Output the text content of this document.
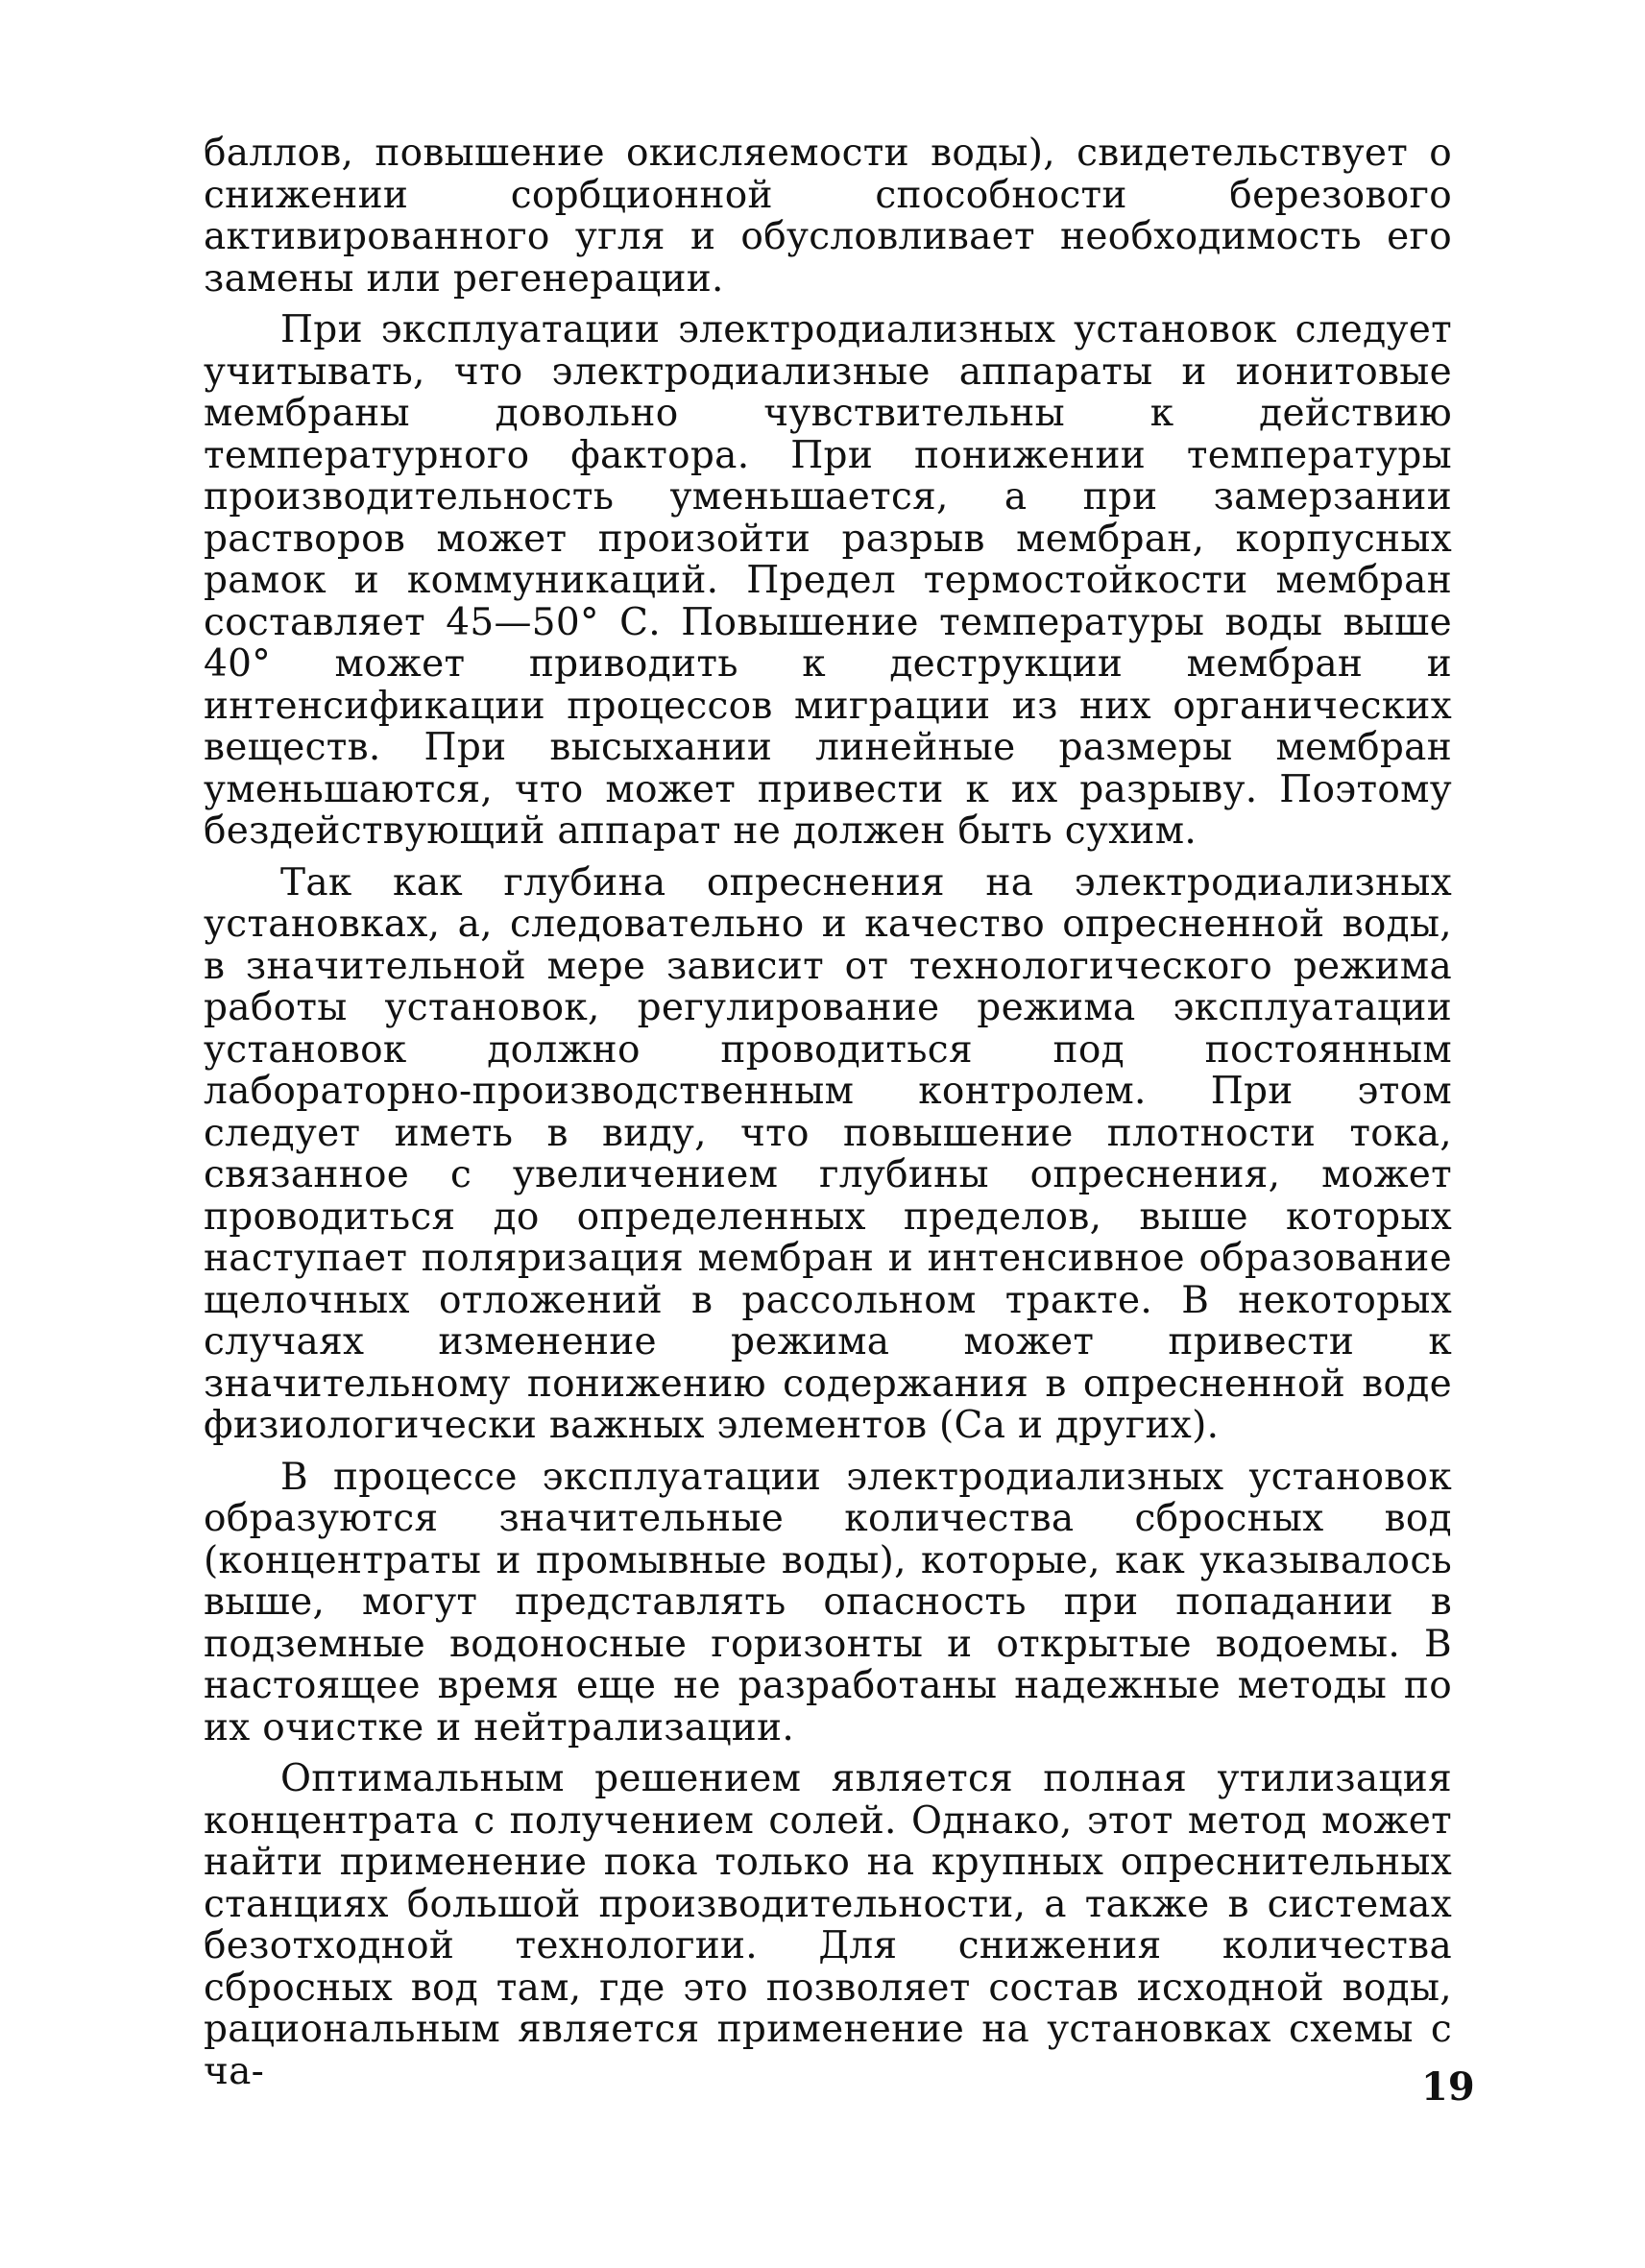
баллов, повышение окисляемости воды), свидетельствует о снижении сорбционной способности березового активированного угля и обусловливает необходимость его замены или регенерации.

При эксплуатации электродиализных установок следует учитывать, что электродиализные аппараты и ионитовые мембраны довольно чувствительны к действию температурного фактора. При понижении температуры производительность уменьшается, а при замерзании растворов может произойти разрыв мембран, корпусных рамок и коммуникаций. Предел термостойкости мембран составляет 45—50° С. Повышение температуры воды выше 40° может приводить к деструкции мембран и интенсификации процессов миграции из них органических веществ. При высыхании линейные размеры мембран уменьшаются, что может привести к их разрыву. Поэтому бездействующий аппарат не должен быть сухим.

Так как глубина опреснения на электродиализных установках, а, следовательно и качество опресненной воды, в значительной мере зависит от технологического режима работы установок, регулирование режима эксплуатации установок должно проводиться под постоянным лабораторно-производственным контролем. При этом следует иметь в виду, что повышение плотности тока, связанное с увеличением глубины опреснения, может проводиться до определенных пределов, выше которых наступает поляризация мембран и интенсивное образование щелочных отложений в рассольном тракте. В некоторых случаях изменение режима может привести к значительному понижению содержания в опресненной воде физиологически важных элементов (Са и других).

В процессе эксплуатации электродиализных установок образуются значительные количества сбросных вод (концентраты и промывные воды), которые, как указывалось выше, могут представлять опасность при попадании в подземные водоносные горизонты и открытые водоемы. В настоящее время еще не разработаны надежные методы по их очистке и нейтрализации.

Оптимальным решением является полная утилизация концентрата с получением солей. Однако, этот метод может найти применение пока только на крупных опреснительных станциях большой производительности, а также в системах безотходной технологии. Для снижения количества сбросных вод там, где это позволяет состав исходной воды, рациональным является применение на установках схемы с ча-	19
